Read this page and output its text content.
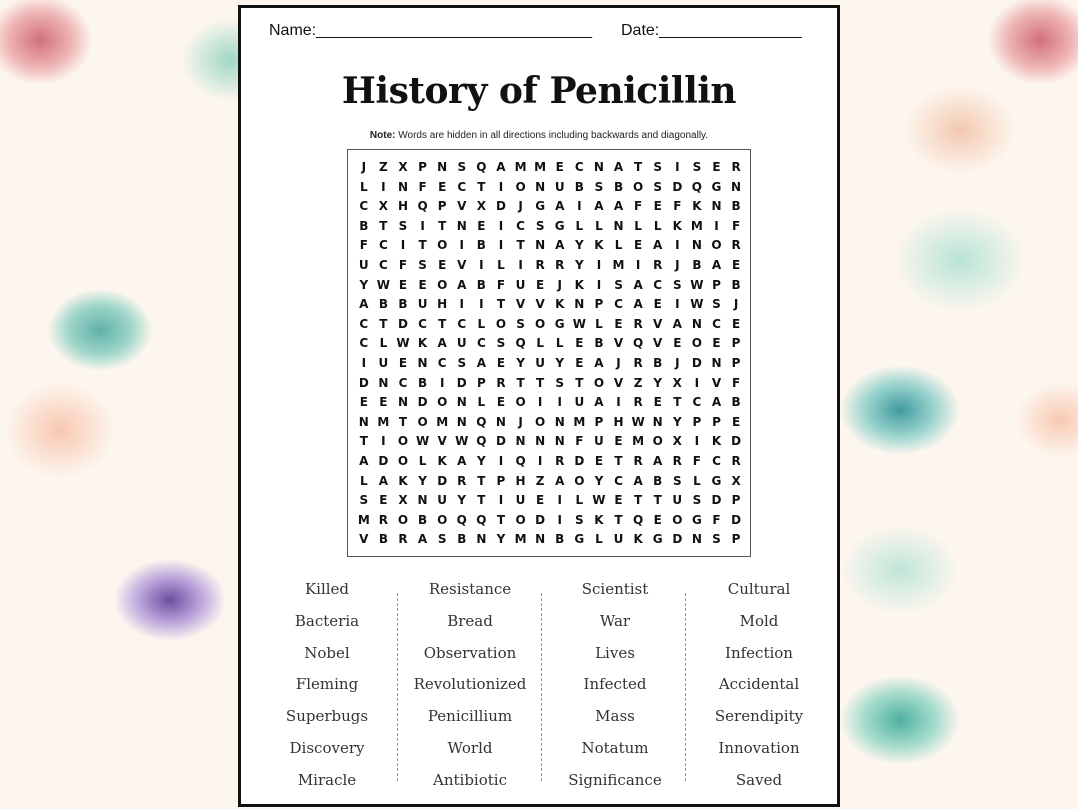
Name:_______________________________ Date:________________
History of Penicillin
Note: Words are hidden in all directions including backwards and diagonally.
J	Z X P N S Q A M M E C N A T S	I	S E R
L	I	N F E C T	I	O N U B S B O S D Q G N
C X H Q P V X D	J	G A	I	A A F E F K N B
B T S	I	T N E	I	C S G L L N L L K M I	F
F C	I	T O	I	B	I	T N A Y K L E A	I	N O R
U C F S E V	I	L	I	R R Y	I M I	R	J	B A E
Y W E E O A B F U E	J	K	I	S A C S W P B
A B B U H	I	I	T V V K N P C A E	I W S	J
C T D C T C L O S O G W L E R V A N C E
C L W K A U C S Q L L E B V Q V E O E P
I	U E N C S A E Y U Y E A	J	R B	J	D N P
D N C B	I	D P R T T S T O V Z Y X	I	V F
E E N D O N L E O	I	I	U A	I	R E T C A B
N M T O M N Q N	J	O N M P H W N Y P P E
T	I	O W V W Q D N N N F U E M O X	I	K D
A D O L K A Y	I	Q	I	R D E T R A R F C R
L A K Y D R T P H Z A O Y C A B S L G X
S E X N U Y T	I	U E	I	L W E T T U S D P
M R O B O Q Q T O D	I	S K T Q E O G F D
V B R A S B N Y M N B G L U K G D N S P
Killed
Bacteria
Nobel
Fleming
Superbugs
Discovery
Miracle
Resistance
Bread
Observation
Revolutionized
Penicillium
World
Antibiotic
Scientist
War
Lives
Infected
Mass
Notatum
Significance
Cultural
Mold
Infection
Accidental
Serendipity
Innovation
Saved
